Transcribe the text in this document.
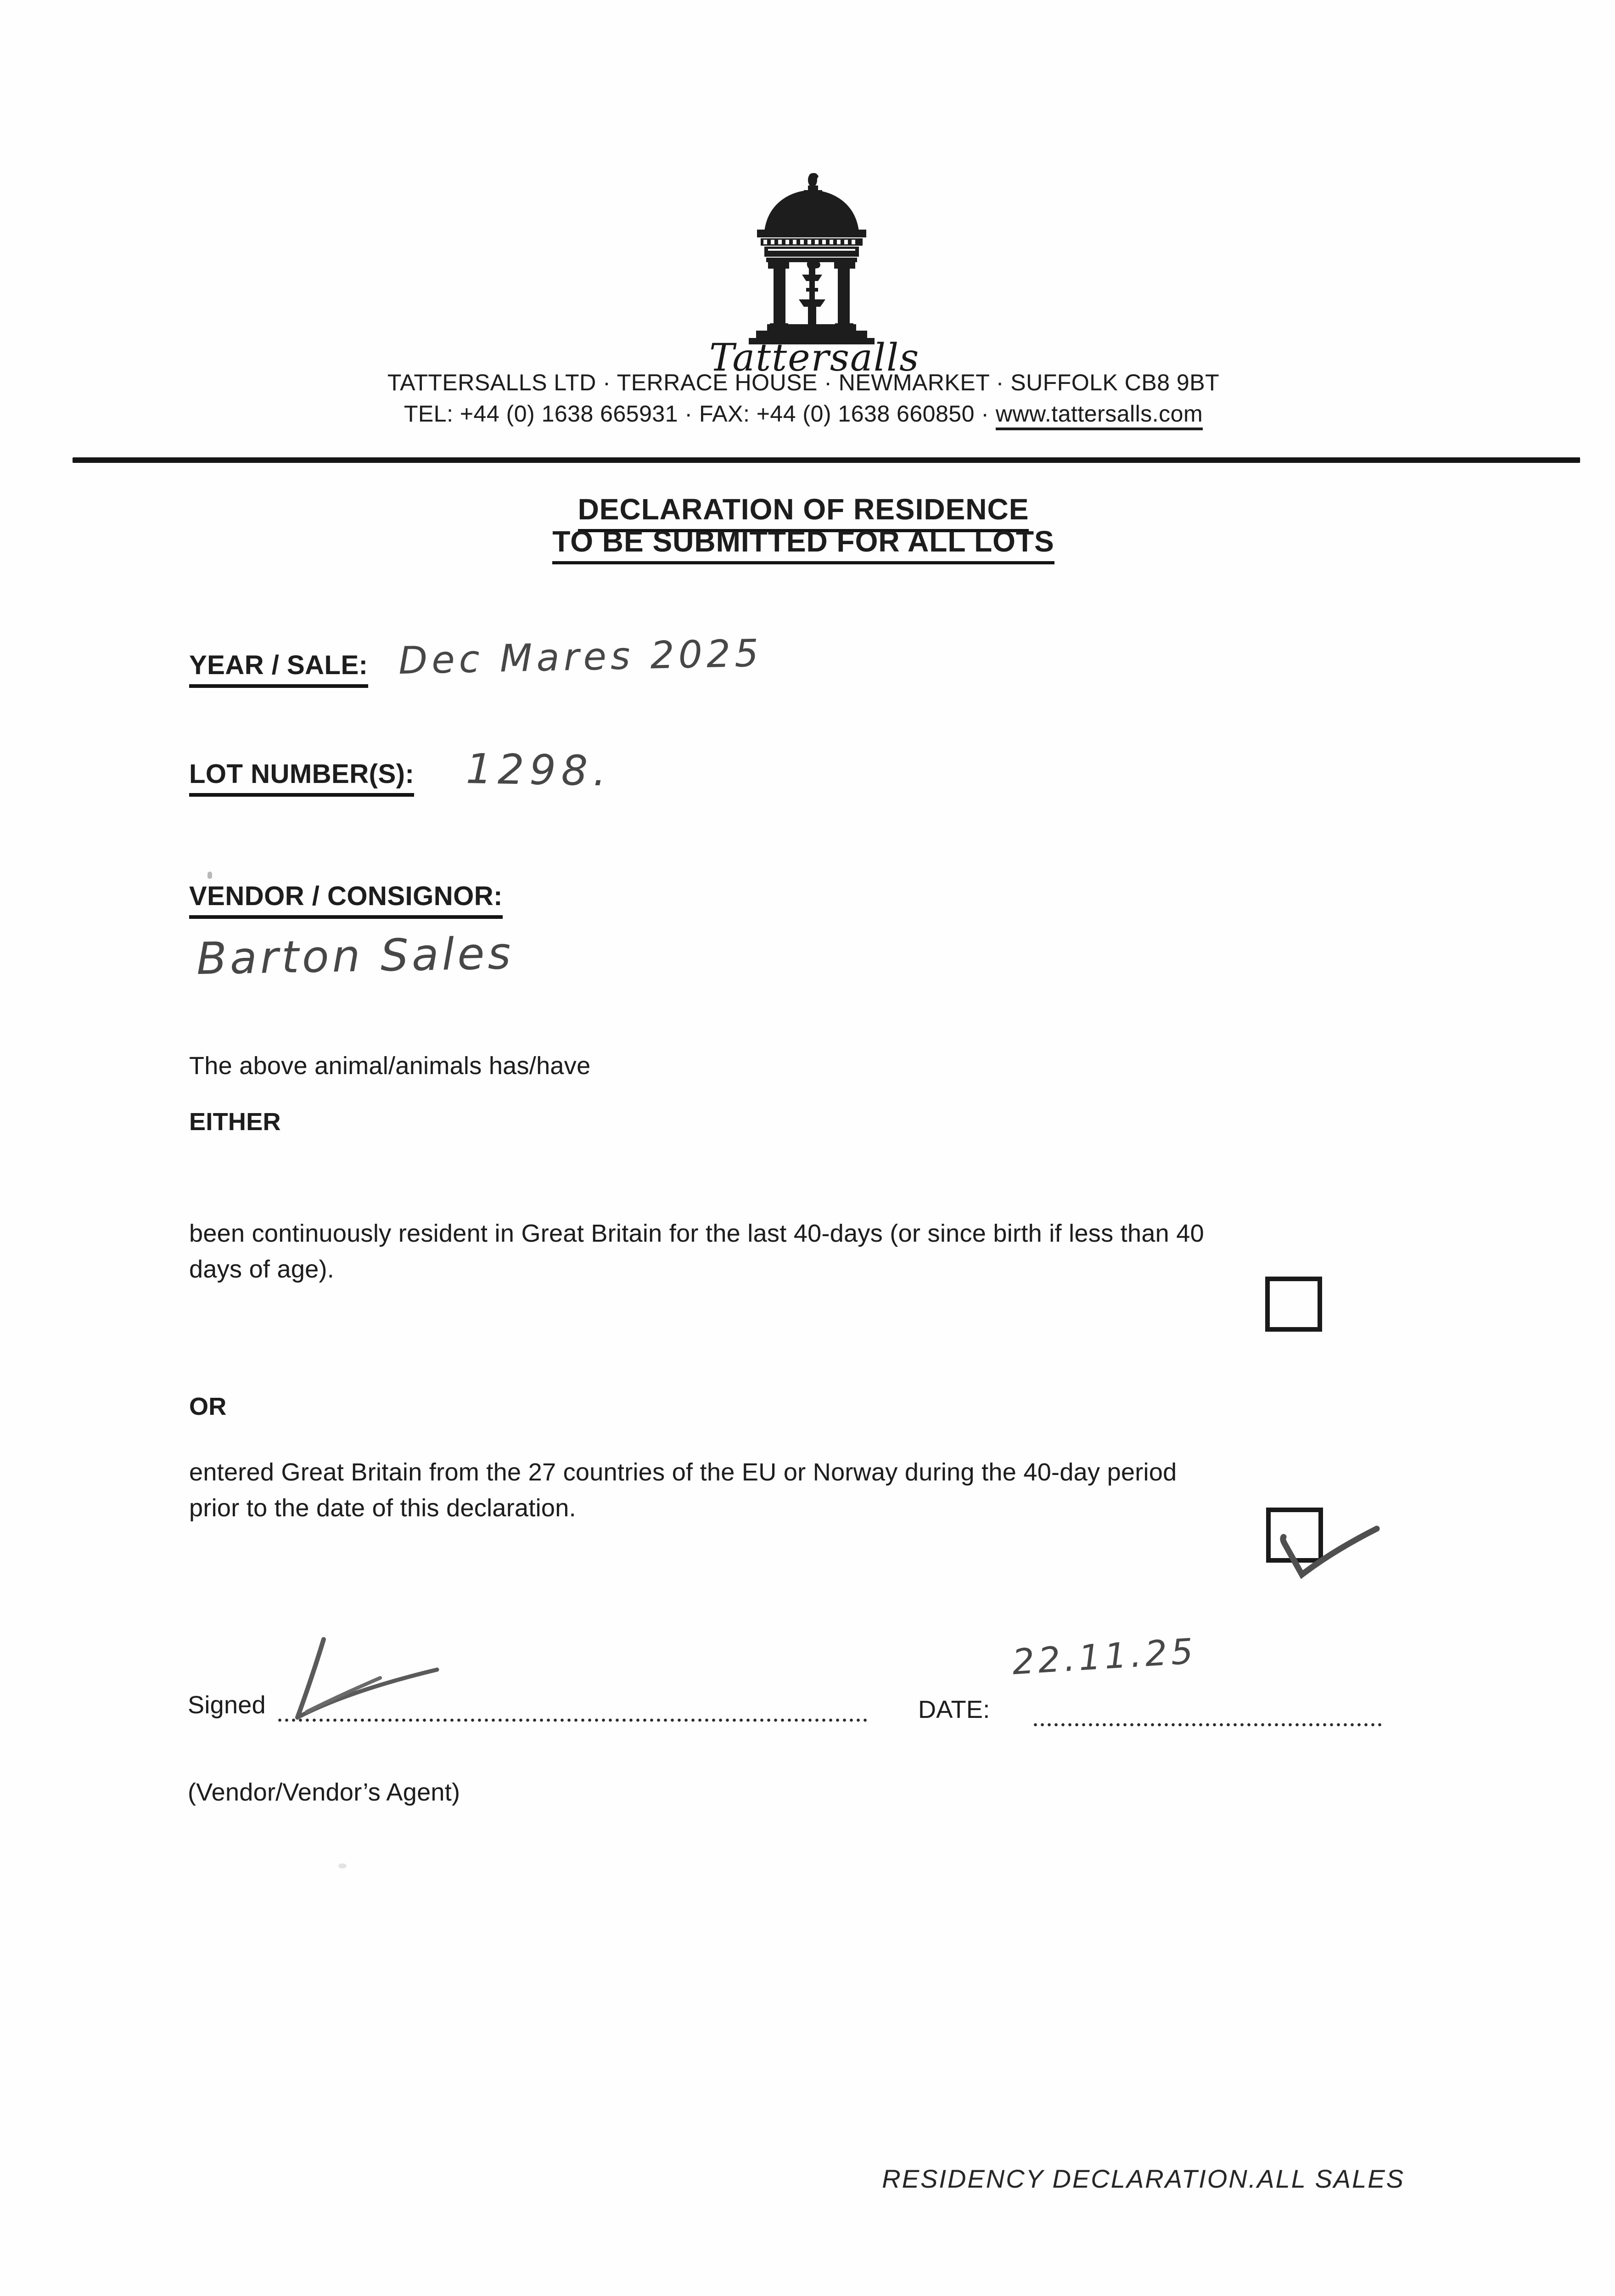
Tattersalls
TATTERSALLS LTD · TERRACE HOUSE · NEWMARKET · SUFFOLK CB8 9BT
TEL: +44 (0) 1638 665931 · FAX: +44 (0) 1638 660850 · www.tattersalls.com
DECLARATION OF RESIDENCE
TO BE SUBMITTED FOR ALL LOTS
YEAR / SALE: Dec Mares 2025
LOT NUMBER(S): 1298.
VENDOR / CONSIGNOR:
Barton Sales
The above animal/animals has/have
EITHER
been continuously resident in Great Britain for the last 40-days (or since birth if less than 40
days of age).
OR
entered Great Britain from the 27 countries of the EU or Norway during the 40-day period
prior to the date of this declaration.
Signed	DATE:
22.11.25
(Vendor/Vendor’s Agent)
RESIDENCY DECLARATION.ALL SALES
